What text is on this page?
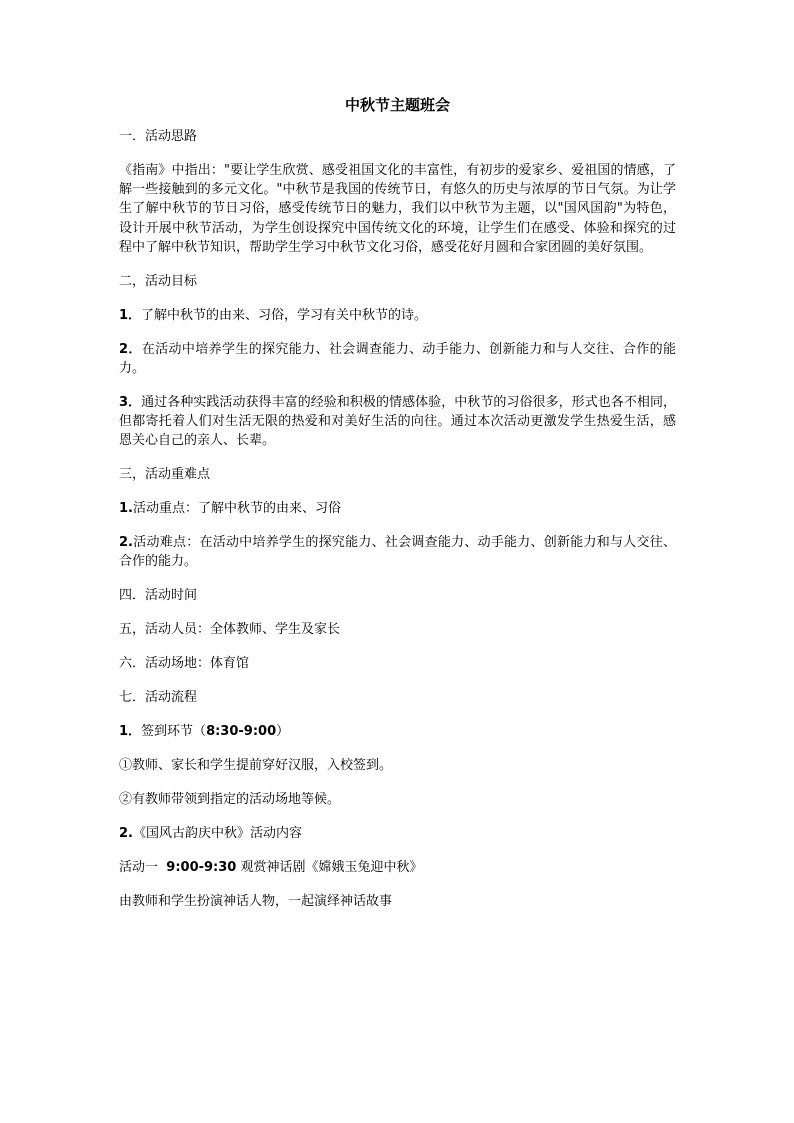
中秋节主题班会

一．活动思路

《指南》中指出："要让学生欣赏、感受祖国文化的丰富性，有初步的爱家乡、爱祖国的情感，了解一些接触到的多元文化。"中秋节是我国的传统节日，有悠久的历史与浓厚的节日气氛。为让学生了解中秋节的节日习俗，感受传统节日的魅力，我们以中秋节为主题，以"国风国韵"为特色，设计开展中秋节活动，为学生创设探究中国传统文化的环境，让学生们在感受、体验和探究的过程中了解中秋节知识，帮助学生学习中秋节文化习俗，感受花好月圆和合家团圆的美好氛围。

二，活动目标

1．了解中秋节的由来、习俗，学习有关中秋节的诗。

2．在活动中培养学生的探究能力、社会调查能力、动手能力、创新能力和与人交往、合作的能力。

3．通过各种实践活动获得丰富的经验和积极的情感体验，中秋节的习俗很多，形式也各不相同，但都寄托着人们对生活无限的热爱和对美好生活的向往。通过本次活动更激发学生热爱生活，感恩关心自己的亲人、长辈。

三，活动重难点

1.活动重点：了解中秋节的由来、习俗

2.活动难点：在活动中培养学生的探究能力、社会调查能力、动手能力、创新能力和与人交往、合作的能力。

四．活动时间

五，活动人员：全体教师、学生及家长

六．活动场地：体育馆

七．活动流程

1．签到环节（8:30-9:00）

①教师、家长和学生提前穿好汉服，入校签到。

②有教师带领到指定的活动场地等候。

2.《国风古韵庆中秋》活动内容

活动一 9:00-9:30 观赏神话剧《嫦娥玉兔迎中秋》

由教师和学生扮演神话人物，一起演绎神话故事
